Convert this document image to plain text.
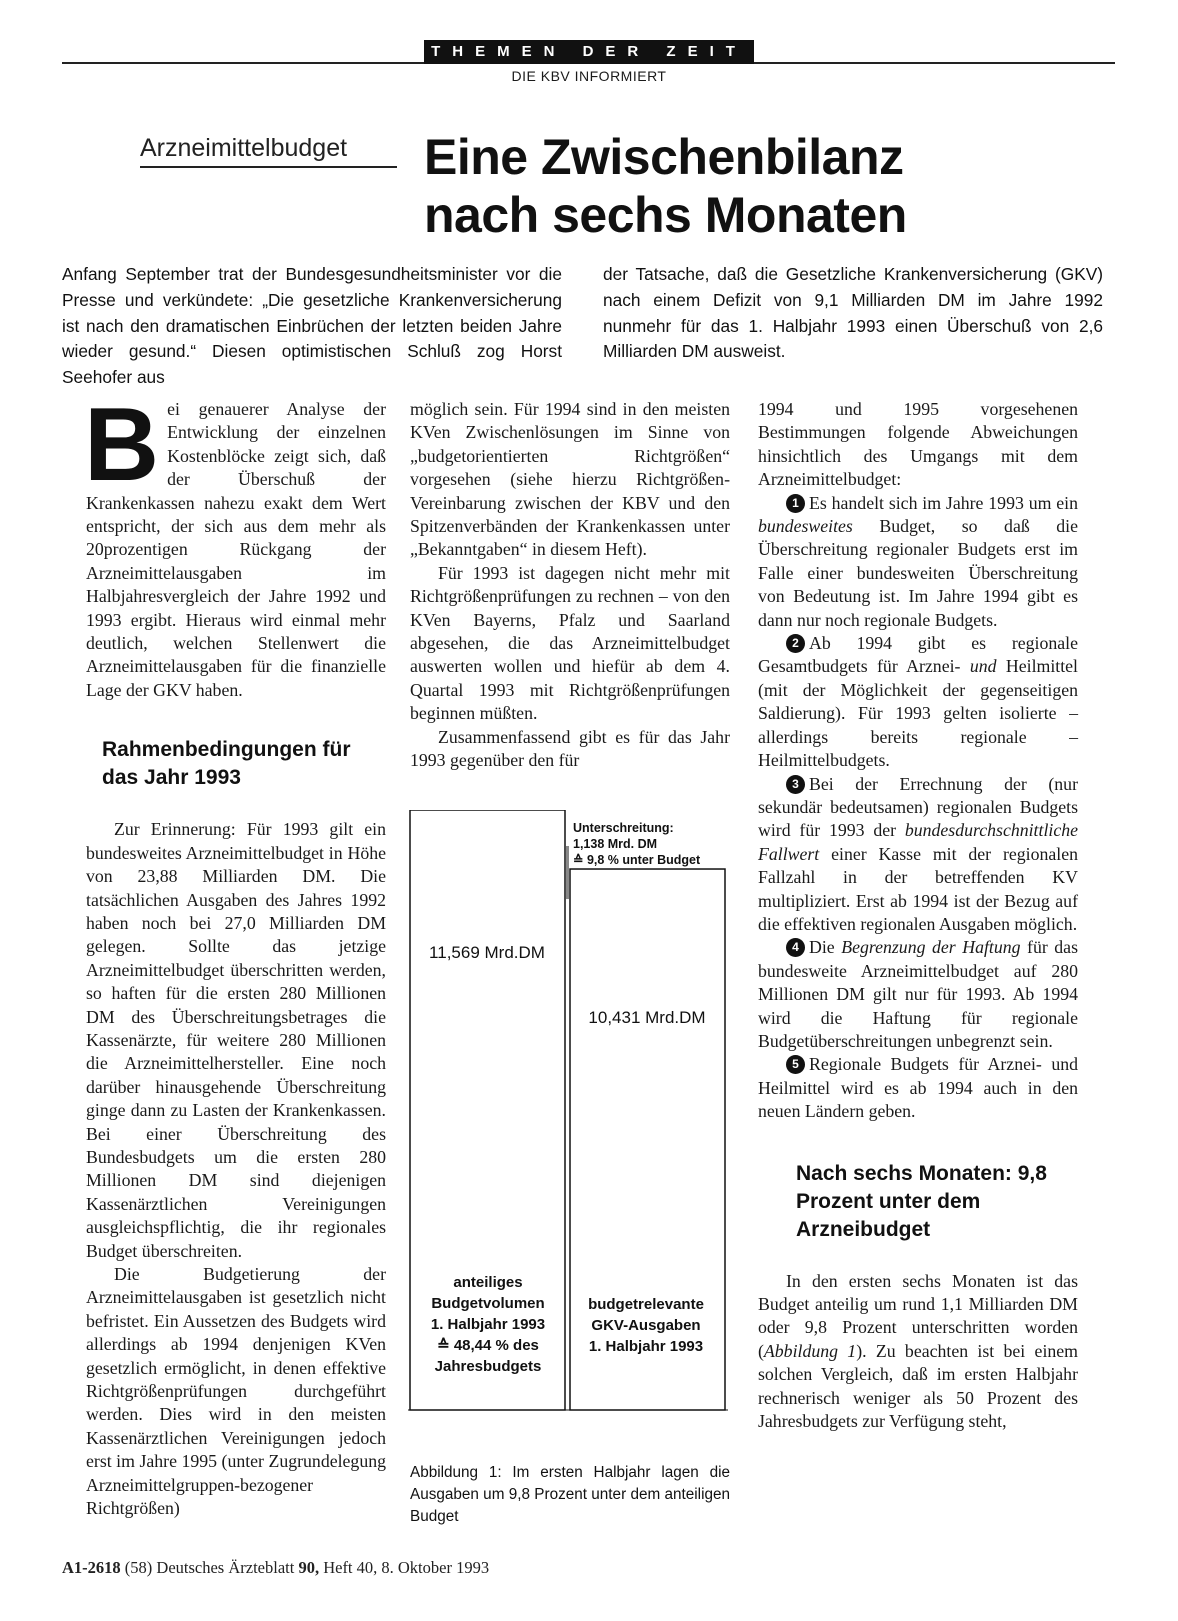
THEMEN DER ZEIT
DIE KBV INFORMIERT
Arzneimittelbudget Eine Zwischenbilanz
nach sechs Monaten
Anfang September trat der Bundesgesundheitsminister vor die Presse und verkündete: „Die gesetzliche Krankenversicherung ist nach den dramatischen Einbrüchen der letzten beiden Jahre wieder gesund.“ Diesen optimistischen Schluß zog Horst Seehofer aus
der Tatsache, daß die Gesetzliche Krankenversicherung (GKV) nach einem Defizit von 9,1 Milliarden DM im Jahre 1992 nunmehr für das 1. Halbjahr 1993 einen Überschuß von 2,6 Milliarden DM ausweist.
B ei genauerer Analyse der Entwicklung der einzelnen Kostenblöcke zeigt sich, daß der Überschuß der Krankenkassen nahezu exakt dem Wert entspricht, der sich aus dem mehr als 20prozentigen Rückgang der Arzneimittelausgaben im Halbjahresvergleich der Jahre 1992 und 1993 ergibt. Hieraus wird einmal mehr deutlich, welchen Stellenwert die Arzneimittelausgaben für die finanzielle Lage der GKV haben.

Rahmenbedingungen für das Jahr 1993

Zur Erinnerung: Für 1993 gilt ein bundesweites Arzneimittelbudget in Höhe von 23,88 Milliarden DM. Die tatsächlichen Ausgaben des Jahres 1992 haben noch bei 27,0 Milliarden DM gelegen. Sollte das jetzige Arzneimittelbudget überschritten werden, so haften für die ersten 280 Millionen DM des Überschreitungsbetrages die Kassenärzte, für weitere 280 Millionen die Arzneimittelhersteller. Eine noch darüber hinausgehende Überschreitung ginge dann zu Lasten der Krankenkassen. Bei einer Überschreitung des Bundesbudgets um die ersten 280 Millionen DM sind diejenigen Kassenärztlichen Vereinigungen ausgleichspflichtig, die ihr regionales Budget überschreiten.

Die Budgetierung der Arzneimittelausgaben ist gesetzlich nicht befristet. Ein Aussetzen des Budgets wird allerdings ab 1994 denjenigen KVen gesetzlich ermöglicht, in denen effektive Richtgrößenprüfungen durchgeführt werden. Dies wird in den meisten Kassenärztlichen Vereinigungen jedoch erst im Jahre 1995 (unter Zugrundelegung Arzneimittelgruppen-bezogener Richtgrößen)

möglich sein. Für 1994 sind in den meisten KVen Zwischenlösungen im Sinne von „budgetorientierten Richtgrößen“ vorgesehen (siehe hierzu Richtgrößen-Vereinbarung zwischen der KBV und den Spitzenverbänden der Krankenkassen unter „Bekanntgaben“ in diesem Heft).

Für 1993 ist dagegen nicht mehr mit Richtgrößenprüfungen zu rechnen – von den KVen Bayerns, Pfalz und Saarland abgesehen, die das Arzneimittelbudget auswerten wollen und hiefür ab dem 4. Quartal 1993 mit Richtgrößenprüfungen beginnen müßten.

Zusammenfassend gibt es für das Jahr 1993 gegenüber den für

11,569 Mrd.DM
10,431 Mrd.DM
Unterschreitung:
1,138 Mrd. DM
≙ 9,8 % unter Budget
anteiliges
Budgetvolumen
1. Halbjahr 1993
≙ 48,44 % des
Jahresbudgets
budgetrelevante
GKV-Ausgaben
1. Halbjahr 1993
Abbildung 1: Im ersten Halbjahr lagen die Ausgaben um 9,8 Prozent unter dem anteiligen Budget

1994 und 1995 vorgesehenen Bestimmungen folgende Abweichungen hinsichtlich des Umgangs mit dem Arzneimittelbudget:

1 Es handelt sich im Jahre 1993 um ein bundesweites Budget, so daß die Überschreitung regionaler Budgets erst im Falle einer bundesweiten Überschreitung von Bedeutung ist. Im Jahre 1994 gibt es dann nur noch regionale Budgets.

2 Ab 1994 gibt es regionale Gesamtbudgets für Arznei- und Heilmittel (mit der Möglichkeit der gegenseitigen Saldierung). Für 1993 gelten isolierte – allerdings bereits regionale – Heilmittelbudgets.

3 Bei der Errechnung der (nur sekundär bedeutsamen) regionalen Budgets wird für 1993 der bundesdurchschnittliche Fallwert einer Kasse mit der regionalen Fallzahl in der betreffenden KV multipliziert. Erst ab 1994 ist der Bezug auf die effektiven regionalen Ausgaben möglich.

4 Die Begrenzung der Haftung für das bundesweite Arzneimittelbudget auf 280 Millionen DM gilt nur für 1993. Ab 1994 wird die Haftung für regionale Budgetüberschreitungen unbegrenzt sein.

5 Regionale Budgets für Arznei- und Heilmittel wird es ab 1994 auch in den neuen Ländern geben.

Nach sechs Monaten: 9,8 Prozent unter dem Arzneibudget

In den ersten sechs Monaten ist das Budget anteilig um rund 1,1 Milliarden DM oder 9,8 Prozent unterschritten worden (Abbildung 1). Zu beachten ist bei einem solchen Vergleich, daß im ersten Halbjahr rechnerisch weniger als 50 Prozent des Jahresbudgets zur Verfügung steht,

A1-2618 (58) Deutsches Ärzteblatt 90, Heft 40, 8. Oktober 1993
